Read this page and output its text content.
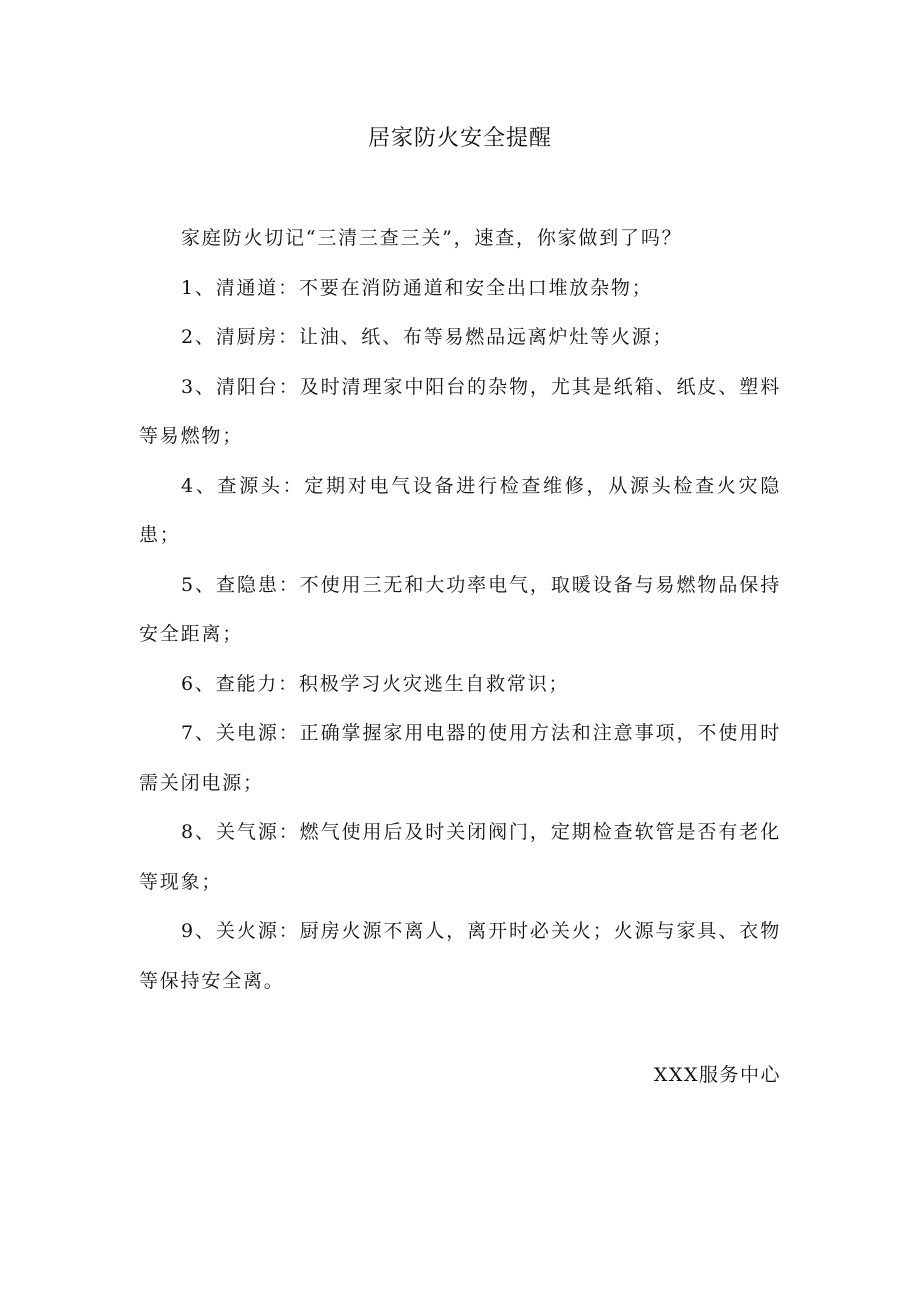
居家防火安全提醒

家庭防火切记“三清三查三关”，速查，你家做到了吗？

1、清通道：不要在消防通道和安全出口堆放杂物；

2、清厨房：让油、纸、布等易燃品远离炉灶等火源；

3、清阳台：及时清理家中阳台的杂物，尤其是纸箱、纸皮、塑料等易燃物；

4、查源头：定期对电气设备进行检查维修，从源头检查火灾隐患；

5、查隐患：不使用三无和大功率电气，取暖设备与易燃物品保持安全距离；

6、查能力：积极学习火灾逃生自救常识；

7、关电源：正确掌握家用电器的使用方法和注意事项，不使用时需关闭电源；

8、关气源：燃气使用后及时关闭阀门，定期检查软管是否有老化等现象；

9、关火源：厨房火源不离人，离开时必关火；火源与家具、衣物等保持安全离。

XXX服务中心
